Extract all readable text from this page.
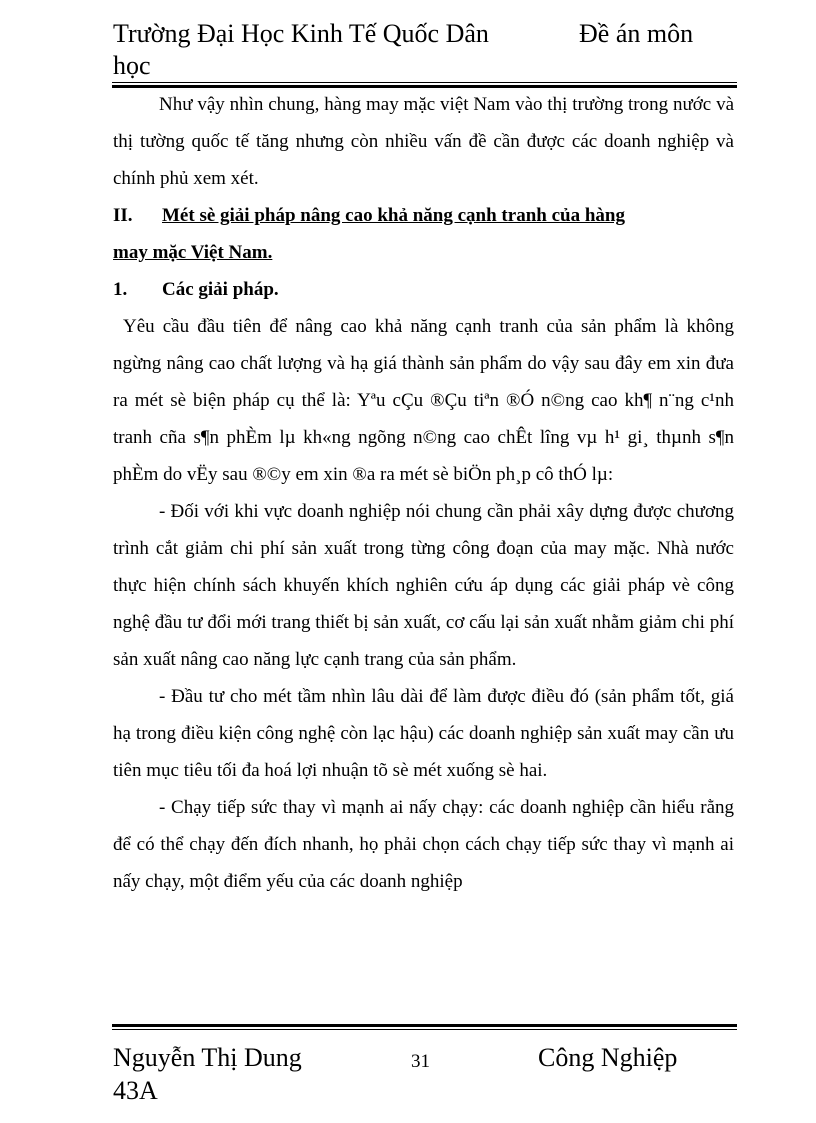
Trường Đại Học Kinh Tế Quốc Dân	Đề án môn
học

Như vậy nhìn chung, hàng may mặc việt Nam vào thị trường trong nước và thị tường quốc tế tăng nhưng còn nhiều vấn đề cần được các doanh nghiệp và chính phủ xem xét.

II. Mét sè giải pháp nâng cao khả năng cạnh tranh của hàng
may mặc Việt Nam.
1. Các giải pháp.

Yêu cầu đầu tiên để nâng cao khả năng cạnh tranh của sản phẩm là không ngừng nâng cao chất lượng và hạ giá thành sản phẩm do vậy sau đây em xin đưa ra mét sè biện pháp cụ thể là: Yªu cÇu ®Çu tiªn ®Ó n©ng cao kh¶ n¨ng c¹nh tranh cña s¶n phÈm lµ kh«ng ngõng n©ng cao chÊt lîng vµ h¹ gi¸ thµnh s¶n phÈm do vËy sau ®©y em xin ®a ra mét sè biÖn ph¸p cô thÓ lµ:

- Đối với khi vực doanh nghiệp nói chung cần phải xây dựng được chương trình cắt giảm chi phí sản xuất trong từng công đoạn của may mặc. Nhà nước thực hiện chính sách khuyến khích nghiên cứu áp dụng các giải pháp vè công nghệ đầu tư đổi mới trang thiết bị sản xuất, cơ cấu lại sản xuất nhằm giảm chi phí sản xuất nâng cao năng lực cạnh trang của sản phẩm.

- Đầu tư cho mét tầm nhìn lâu dài để làm được điều đó (sản phẩm tốt, giá hạ trong điều kiện công nghệ còn lạc hậu) các doanh nghiệp sản xuất may cần ưu tiên mục tiêu tối đa hoá lợi nhuận tõ sè mét xuống sè hai.

- Chạy tiếp sức thay vì mạnh ai nấy chạy: các doanh nghiệp cần hiểu rằng để có thể chạy đến đích nhanh, họ phải chọn cách chạy tiếp sức thay vì mạnh ai nấy chạy, một điểm yếu của các doanh nghiệp

Nguyễn Thị Dung	31	Công Nghiệp
43A
